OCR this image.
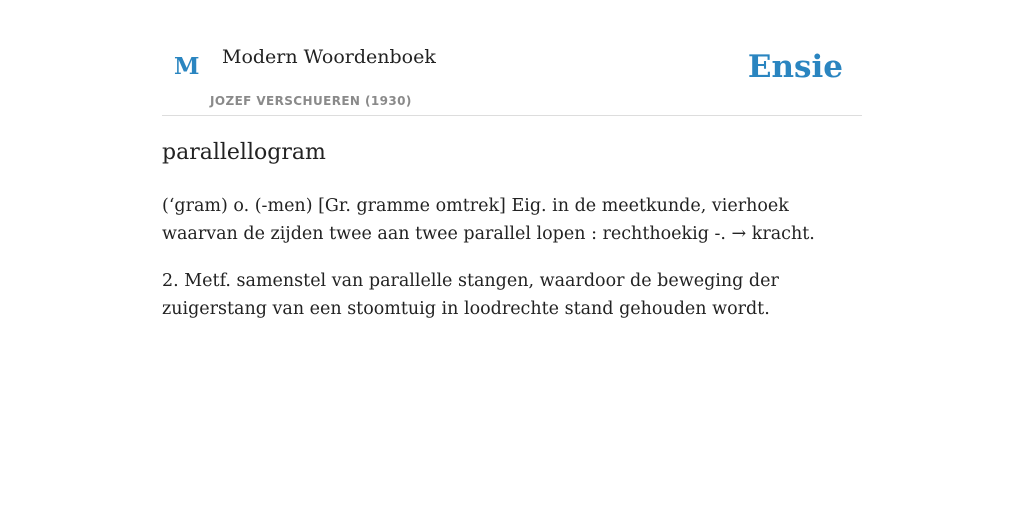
M Modern Woordenboek
JOZEF VERSCHUEREN (1930)
Ensie
parallellogram

(‘gram) o. (-men) [Gr. gramme omtrek] Eig. in de meetkunde, vierhoek waarvan de zijden twee aan twee parallel lopen : rechthoekig -. → kracht.

2. Metf. samenstel van parallelle stangen, waardoor de beweging der zuigerstang van een stoomtuig in loodrechte stand gehouden wordt.
